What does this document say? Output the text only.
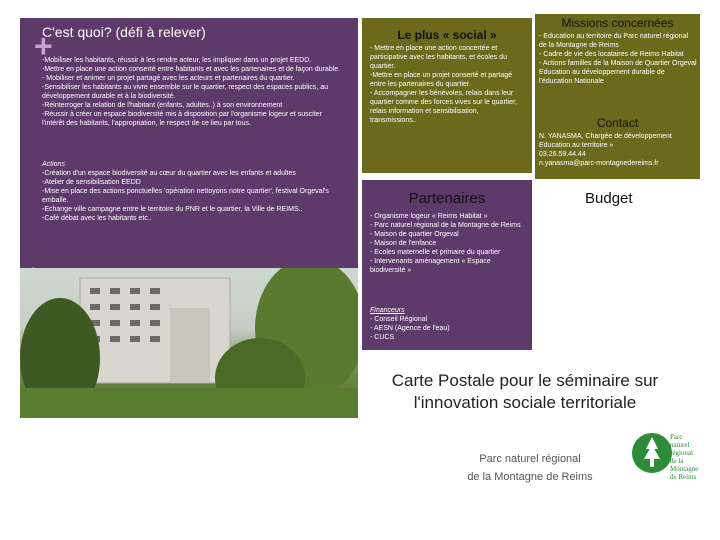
+
C'est quoi? (défi à relever)
-Mobiliser les habitants, réussir à les rendre acteur, les impliquer dans un projet EEDD.
-Mettre en place une action conserté entre habitants et avec les partenaires et de façon durable.
- Mobiliser et animer un projet partagé avec les acteurs et partenaires du quartier.
-Sensibiliser les habitants au vivre ensemble sur le quartier, respect des espaces publics, au développement durable et à la biodiversité.
-Réinterroger la relation de l'habitant (enfants, adultes..) à son environnement
-Réussir à créer un espace biodiversité mis à disposition par l'organisme logeur et susciter l'intérêt des habitants, l'appropriation, le respect de ce lieu par tous.
Actions
-Création d'un espace biodiversité au cœur du quartier avec les enfants et adultes
-Atelier de sensibilisation EEDD
-Mise en place des actions ponctuelles 'opération nettoyons notre quartier', festival Orgeval's emballe.
-Echange ville campagne entre le territoire du PNR et le quartier, la Ville de REIMS..
-Café débat avec les habitants etc..
.
Le plus « social »
- Mettre en place une action concertée et participative avec les habitants, et écoles du quartier.
-Mettre en place un projet conserté et partagé entre les partenaires du quartier.
- Accompagner les bénévoles, relais dans leur quartier comme des forces vives sur le quartier, relais information et sensibilisation, transmissions..
Partenaires
- Organisme logeur « Reims Habitat »
- Parc naturel régional de la Montagne de Reims
- Maison de quartier Orgeval
- Maison de l'enfance
- Ecoles maternelle et primaire du quartier
- Intervenants aménagement « Espace biodiversité »
Financeurs
- Conseil Régional
- AESN (Agence de l'eau)
- CUCS
Missions concernées
- Education au territoire du Parc naturel régional de la Montagne de Reims
- Cadre de vie des locataires de Reims Habitat
- Actions familles de la Maison de Quartier Orgeval
Education au développement durable de l'éducation Nationale
Contact
N. YANASMA, Chargée de développement Education au territoire »
03.26.59.44.44
n.yanasma@parc-montagnedereims.fr
Budget
Carte Postale pour le séminaire sur
l'innovation sociale territoriale
Parc naturel régional
de la Montagne de Reims
Parc
naturel
régional
de la Montagne
de Reims
